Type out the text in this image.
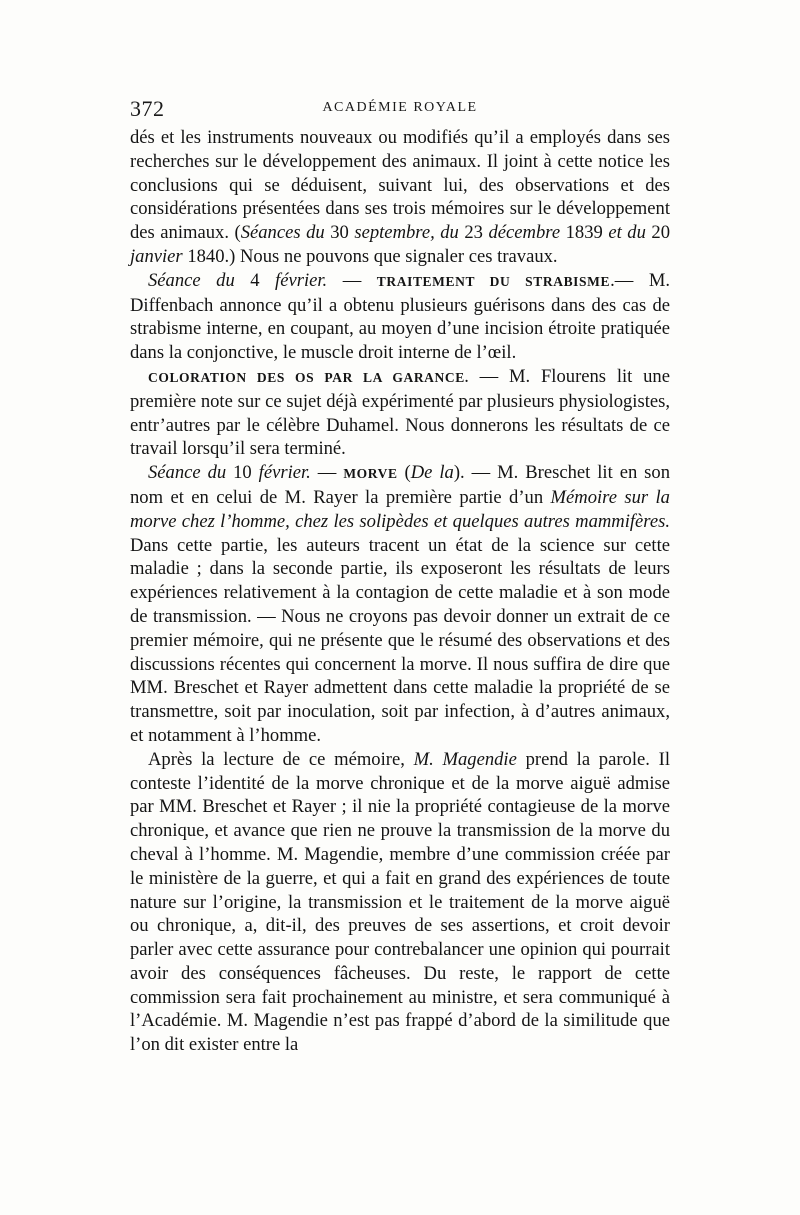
372	ACADÉMIE ROYALE

dés et les instruments nouveaux ou modifiés qu’il a employés dans ses recherches sur le développement des animaux. Il joint à cette notice les conclusions qui se déduisent, suivant lui, des observations et des considérations présentées dans ses trois mémoires sur le développement des animaux. (Séances du 30 septembre, du 23 décembre 1839 et du 20 janvier 1840.) Nous ne pouvons que signaler ces travaux.

Séance du 4 février. — TRAITEMENT DU STRABISME.— M. Diffenbach annonce qu’il a obtenu plusieurs guérisons dans des cas de strabisme interne, en coupant, au moyen d’une incision étroite pratiquée dans la conjonctive, le muscle droit interne de l’œil.

COLORATION DES OS PAR LA GARANCE. — M. Flourens lit une première note sur ce sujet déjà expérimenté par plusieurs physiologistes, entr’autres par le célèbre Duhamel. Nous donnerons les résultats de ce travail lorsqu’il sera terminé.

Séance du 10 février. — MORVE (De la). — M. Breschet lit en son nom et en celui de M. Rayer la première partie d’un Mémoire sur la morve chez l’homme, chez les solipèdes et quelques autres mammifères. Dans cette partie, les auteurs tracent un état de la science sur cette maladie ; dans la seconde partie, ils exposeront les résultats de leurs expériences relativement à la contagion de cette maladie et à son mode de transmission. — Nous ne croyons pas devoir donner un extrait de ce premier mémoire, qui ne présente que le résumé des observations et des discussions récentes qui concernent la morve. Il nous suffira de dire que MM. Breschet et Rayer admettent dans cette maladie la propriété de se transmettre, soit par inoculation, soit par infection, à d’autres animaux, et notamment à l’homme.

Après la lecture de ce mémoire, M. Magendie prend la parole. Il conteste l’identité de la morve chronique et de la morve aiguë admise par MM. Breschet et Rayer ; il nie la propriété contagieuse de la morve chronique, et avance que rien ne prouve la transmission de la morve du cheval à l’homme. M. Magendie, membre d’une commission créée par le ministère de la guerre, et qui a fait en grand des expériences de toute nature sur l’origine, la transmission et le traitement de la morve aiguë ou chronique, a, dit-il, des preuves de ses assertions, et croit devoir parler avec cette assurance pour contrebalancer une opinion qui pourrait avoir des conséquences fâcheuses. Du reste, le rapport de cette commission sera fait prochainement au ministre, et sera communiqué à l’Académie. M. Magendie n’est pas frappé d’abord de la similitude que l’on dit exister entre la
